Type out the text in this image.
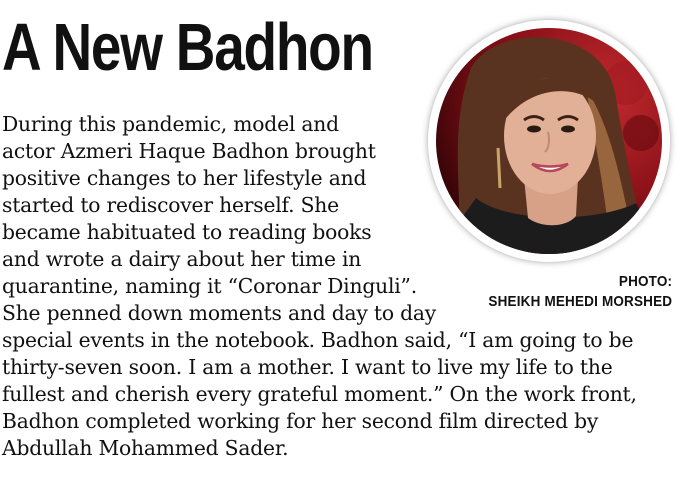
A New Badhon
During this pandemic, model and
actor Azmeri Haque Badhon brought
positive changes to her lifestyle and
started to rediscover herself. She
became habituated to reading books
and wrote a dairy about her time in
quarantine, naming it “Coronar Dinguli”.
She penned down moments and day to day
special events in the notebook. Badhon said, “I am going to be
thirty-seven soon. I am a mother. I want to live my life to the
fullest and cherish every grateful moment.” On the work front,
Badhon completed working for her second film directed by
Abdullah Mohammed Sader.
PHOTO:
SHEIKH MEHEDI MORSHED
